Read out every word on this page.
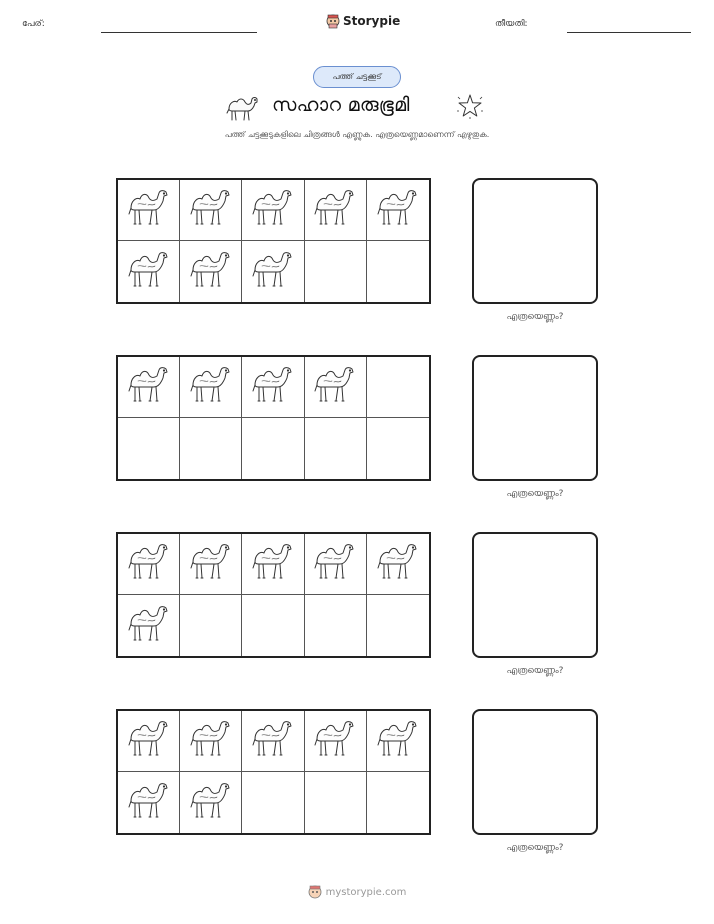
പേര്:	Storypie	തീയതി:
പത്ത് ചട്ടക്കൂട്
സഹാറ മരുഭൂമി
പത്ത് ചട്ടക്കൂടുകളിലെ ചിത്രങ്ങൾ എണ്ണുക. എത്രയെണ്ണമാണെന്ന് എഴുതുക.
എത്രയെണ്ണം?
എത്രയെണ്ണം?
എത്രയെണ്ണം?
എത്രയെണ്ണം?
mystorypie.com
